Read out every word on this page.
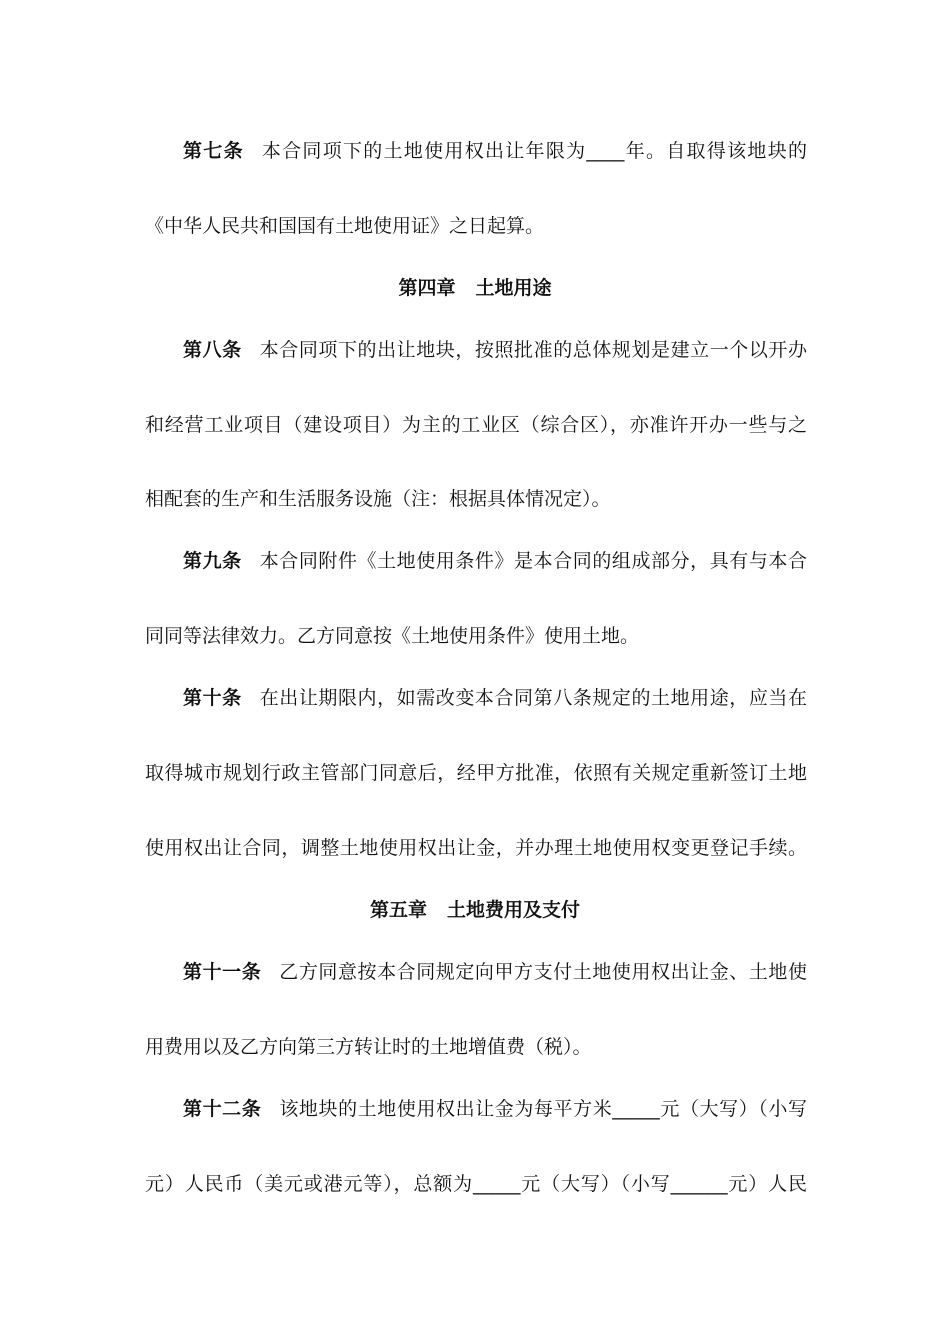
第七条 本合同项下的土地使用权出让年限为____年。自取得该地块的
《中华人民共和国国有土地使用证》之日起算。
第四章 土地用途
第八条 本合同项下的出让地块，按照批准的总体规划是建立一个以开办
和经营工业项目（建设项目）为主的工业区（综合区），亦准许开办一些与之
相配套的生产和生活服务设施（注：根据具体情况定）。
第九条 本合同附件《土地使用条件》是本合同的组成部分，具有与本合
同同等法律效力。乙方同意按《土地使用条件》使用土地。
第十条 在出让期限内，如需改变本合同第八条规定的土地用途，应当在
取得城市规划行政主管部门同意后，经甲方批准，依照有关规定重新签订土地
使用权出让合同，调整土地使用权出让金，并办理土地使用权变更登记手续。
第五章 土地费用及支付
第十一条 乙方同意按本合同规定向甲方支付土地使用权出让金、土地使
用费用以及乙方向第三方转让时的土地增值费（税）。
第十二条 该地块的土地使用权出让金为每平方米_____元（大写）（小写
元）人民币（美元或港元等），总额为_____元（大写）（小写______元）人民
